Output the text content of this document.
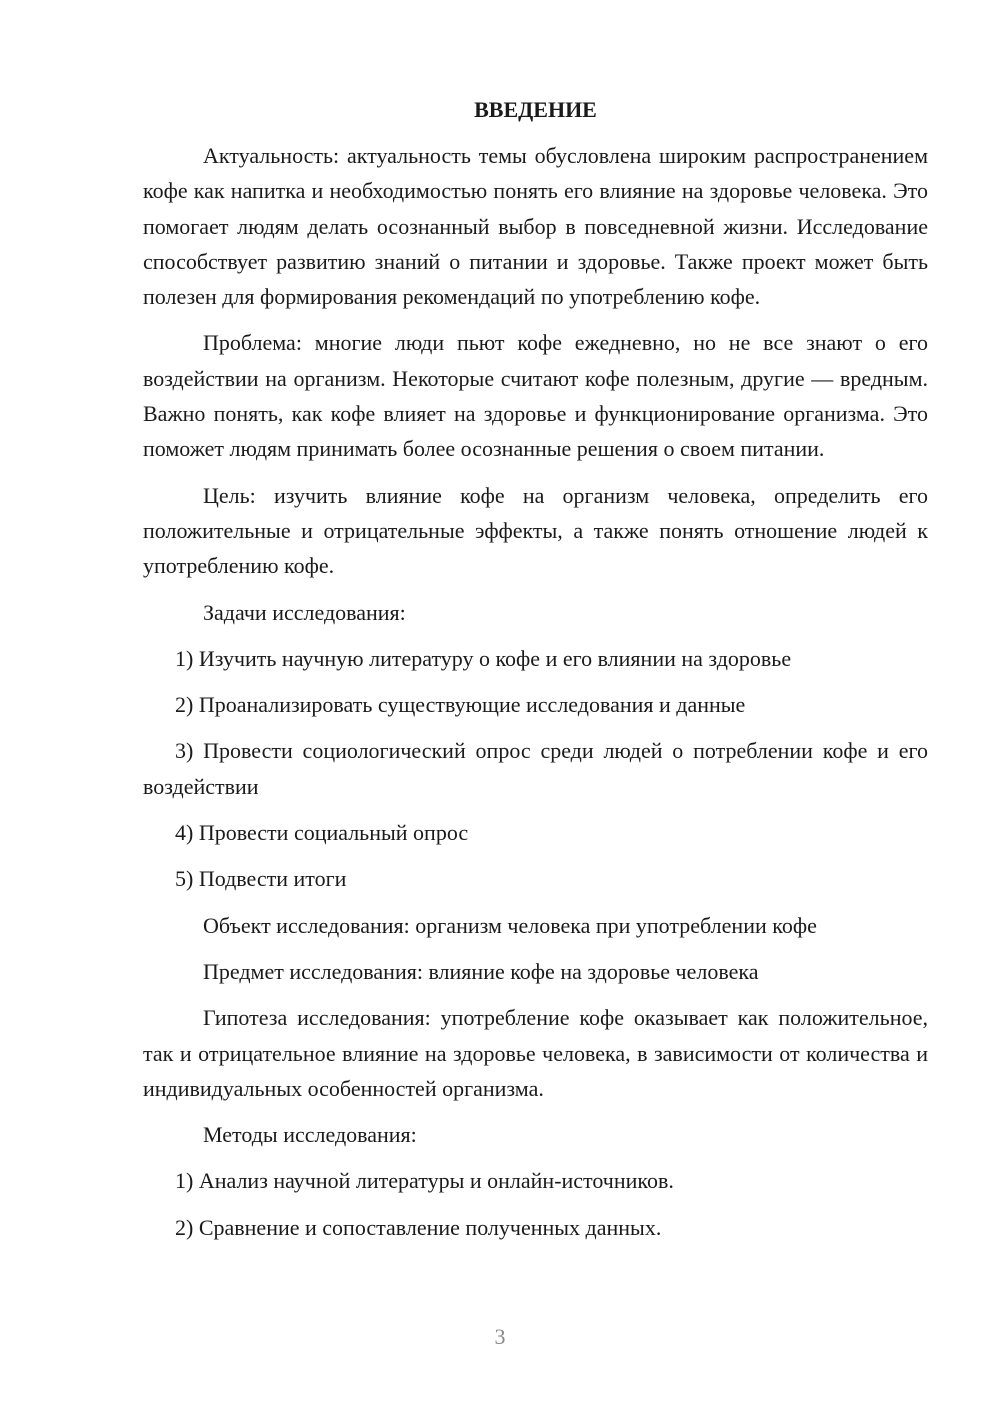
ВВЕДЕНИЕ

Актуальность: актуальность темы обусловлена широким распространением кофе как напитка и необходимостью понять его влияние на здоровье человека. Это помогает людям делать осознанный выбор в повседневной жизни. Исследование способствует развитию знаний о питании и здоровье. Также проект может быть полезен для формирования рекомендаций по употреблению кофе.

Проблема: многие люди пьют кофе ежедневно, но не все знают о его воздействии на организм. Некоторые считают кофе полезным, другие — вредным. Важно понять, как кофе влияет на здоровье и функционирование организма. Это поможет людям принимать более осознанные решения о своем питании.

Цель: изучить влияние кофе на организм человека, определить его положительные и отрицательные эффекты, а также понять отношение людей к употреблению кофе.

Задачи исследования:

1) Изучить научную литературу о кофе и его влиянии на здоровье

2) Проанализировать существующие исследования и данные

3) Провести социологический опрос среди людей о потреблении кофе и его воздействии

4) Провести социальный опрос

5) Подвести итоги

Объект исследования: организм человека при употреблении кофе

Предмет исследования: влияние кофе на здоровье человека

Гипотеза исследования: употребление кофе оказывает как положительное, так и отрицательное влияние на здоровье человека, в зависимости от количества и индивидуальных особенностей организма.

Методы исследования:

1) Анализ научной литературы и онлайн-источников.

2) Сравнение и сопоставление полученных данных.

3
